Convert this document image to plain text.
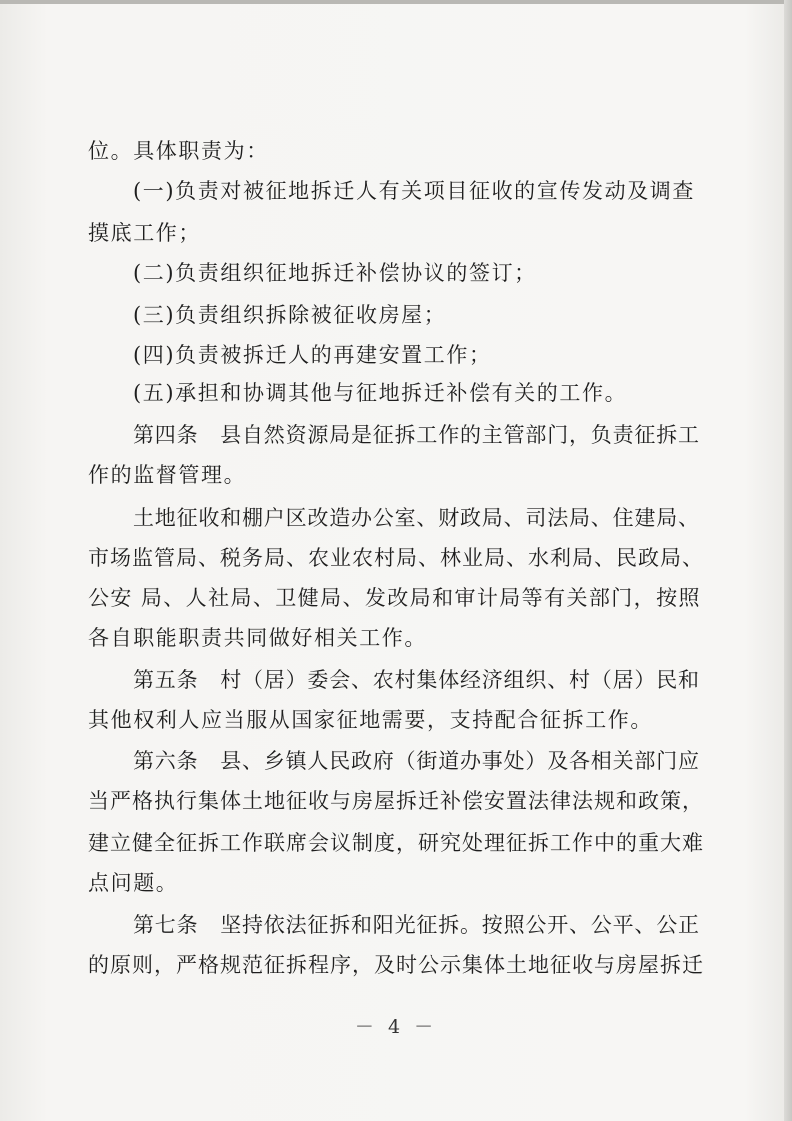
位。具体职责为：
(一)负责对被征地拆迁人有关项目征收的宣传发动及调查
摸底工作；
(二)负责组织征地拆迁补偿协议的签订；
(三)负责组织拆除被征收房屋；
(四)负责被拆迁人的再建安置工作；
(五)承担和协调其他与征地拆迁补偿有关的工作。
第四条　县自然资源局是征拆工作的主管部门，负责征拆工
作的监督管理。
土地征收和棚户区改造办公室、财政局、司法局、住建局、
市场监管局、税务局、农业农村局、林业局、水利局、民政局、
公安 局、人社局、卫健局、发改局和审计局等有关部门，按照
各自职能职责共同做好相关工作。
第五条　村（居）委会、农村集体经济组织、村（居）民和
其他权利人应当服从国家征地需要，支持配合征拆工作。
第六条　县、乡镇人民政府（街道办事处）及各相关部门应
当严格执行集体土地征收与房屋拆迁补偿安置法律法规和政策，
建立健全征拆工作联席会议制度，研究处理征拆工作中的重大难
点问题。
第七条　坚持依法征拆和阳光征拆。按照公开、公平、公正
的原则，严格规范征拆程序，及时公示集体土地征收与房屋拆迁
－ 4 －
